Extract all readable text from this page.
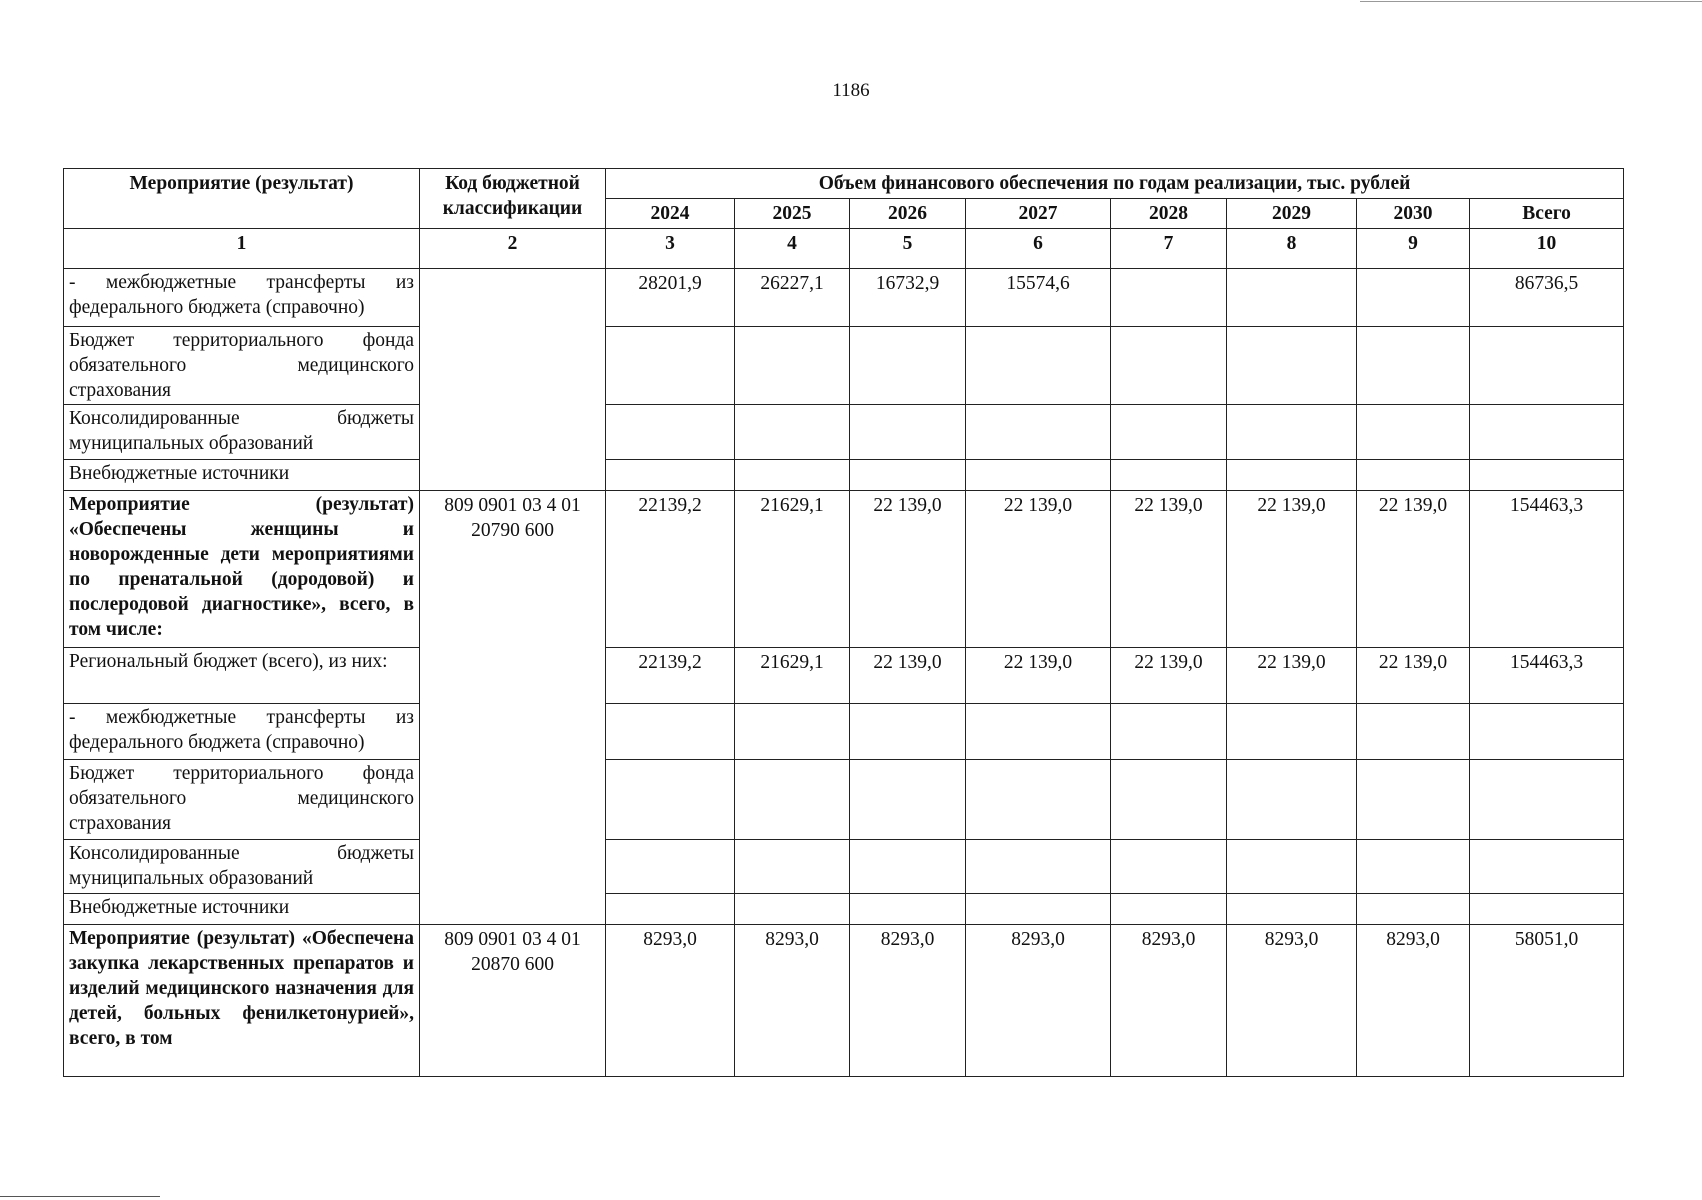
1186
Мероприятие (результат)	Код бюджетной классификации	Объем финансового обеспечения по годам реализации, тыс. рублей							
		2024	2025	2026	2027	2028	2029	2030	Всего
1	2	3	4	5	6	7	8	9	10
- межбюджетные трансферты из федерального бюджета (справочно)		28201,9	26227,1	16732,9	15574,6				86736,5
Бюджет территориального фонда обязательного медицинского страхования									
Консолидированные бюджеты муниципальных образований									
Внебюджетные источники									
Мероприятие (результат) «Обеспечены женщины и новорожденные дети мероприятиями по пренатальной (дородовой) и послеродовой диагностике», всего, в том числе:	809 0901 03 4 01 20790 600	22139,2	21629,1	22 139,0	22 139,0	22 139,0	22 139,0	22 139,0	154463,3
Региональный бюджет (всего), из них:		22139,2	21629,1	22 139,0	22 139,0	22 139,0	22 139,0	22 139,0	154463,3
- межбюджетные трансферты из федерального бюджета (справочно)									
Бюджет территориального фонда обязательного медицинского страхования									
Консолидированные бюджеты муниципальных образований									
Внебюджетные источники									
Мероприятие (результат) «Обеспечена закупка лекарственных препаратов и изделий медицинского назначения для детей, больных фенилкетонурией», всего, в том	809 0901 03 4 01 20870 600	8293,0	8293,0	8293,0	8293,0	8293,0	8293,0	8293,0	58051,0
